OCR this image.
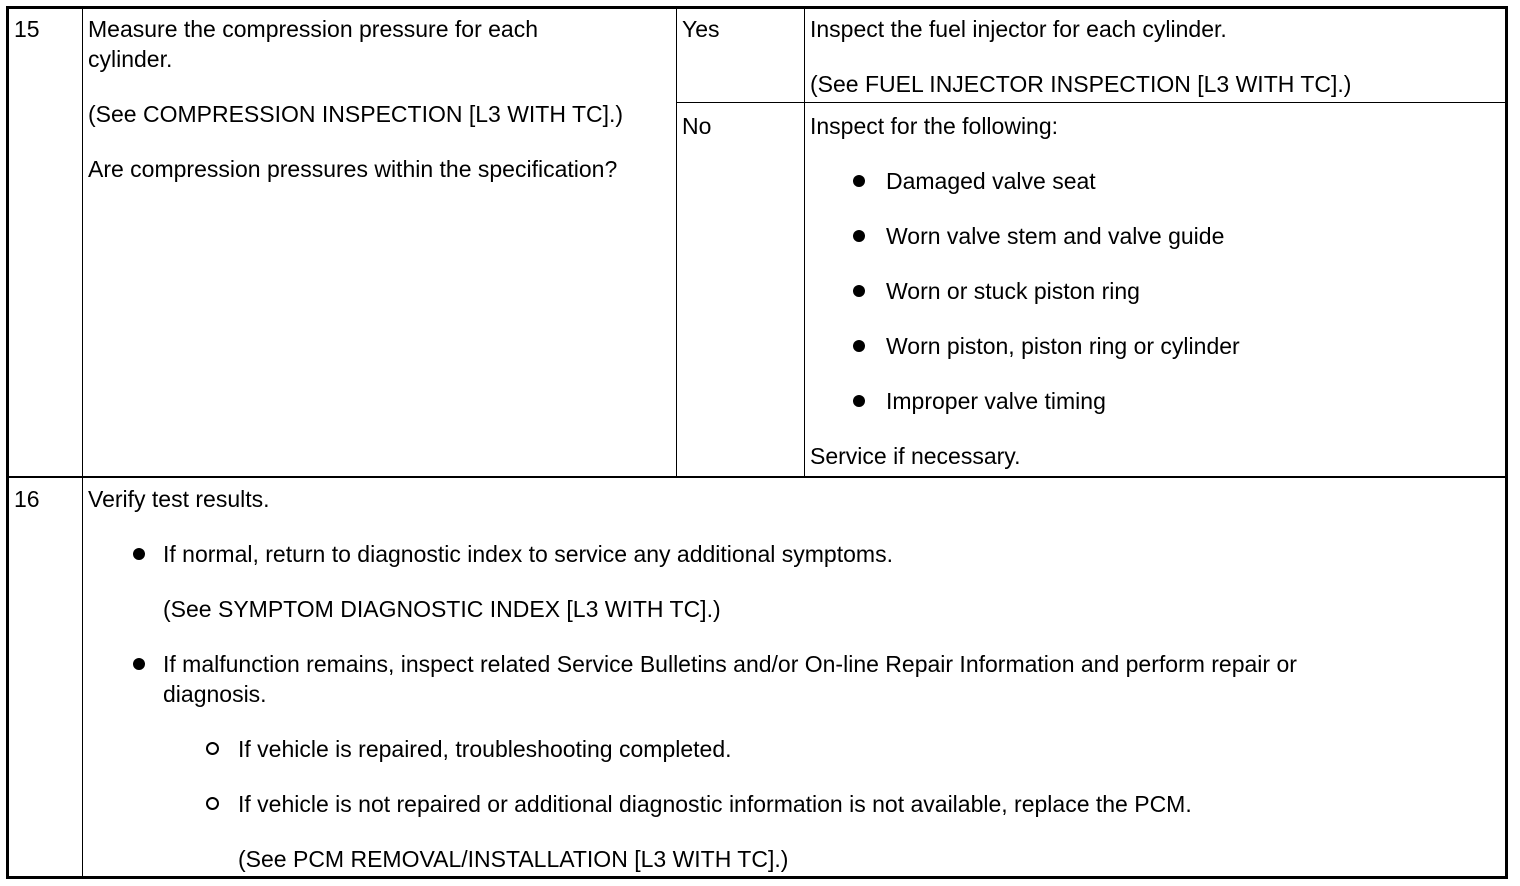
15 Measure the compression pressure for each
cylinder.
(See COMPRESSION INSPECTION [L3 WITH TC].)
Are compression pressures within the specification?
Yes	Inspect the fuel injector for each cylinder.
(See FUEL INJECTOR INSPECTION [L3 WITH TC].)
No	Inspect for the following:
Damaged valve seat
Worn valve stem and valve guide
Worn or stuck piston ring
Worn piston, piston ring or cylinder
Improper valve timing
Service if necessary.
16 Verify test results.
If normal, return to diagnostic index to service any additional symptoms.
(See SYMPTOM DIAGNOSTIC INDEX [L3 WITH TC].)
If malfunction remains, inspect related Service Bulletins and/or On-line Repair Information and perform repair or
diagnosis.
If vehicle is repaired, troubleshooting completed.
If vehicle is not repaired or additional diagnostic information is not available, replace the PCM.
(See PCM REMOVAL/INSTALLATION [L3 WITH TC].)
